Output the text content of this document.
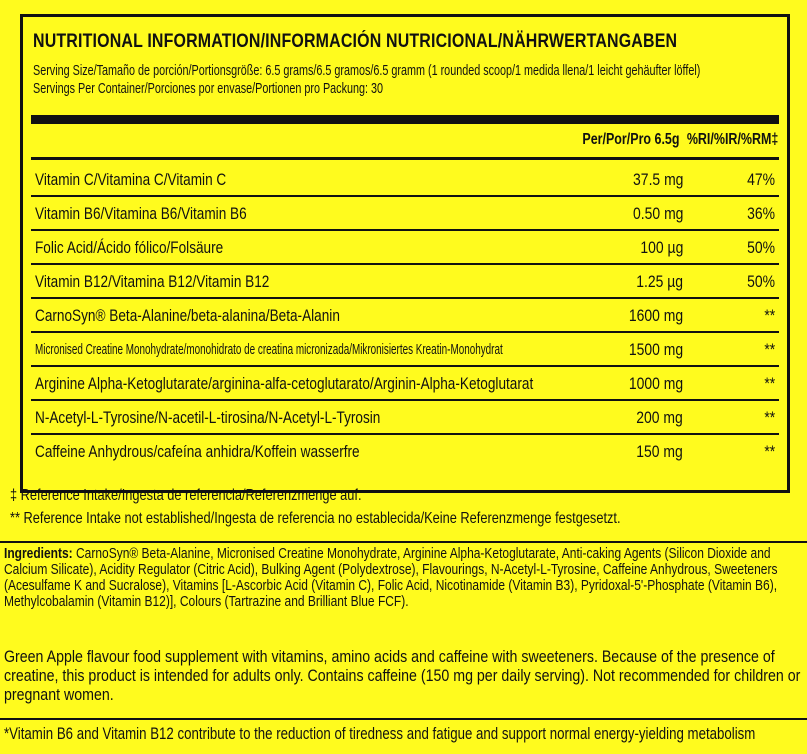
NUTRITIONAL INFORMATION/INFORMACIÓN NUTRICIONAL/NÄHRWERTANGABEN
Serving Size/Tamaño de porción/Portionsgröße: 6.5 grams/6.5 gramos/6.5 gramm (1 rounded scoop/1 medida llena/1 leicht gehäufter löffel)
Servings Per Container/Porciones por envase/Portionen pro Packung: 30
Per/Por/Pro 6.5g %RI/%IR/%RM‡
Vitamin C/Vitamina C/Vitamin C	37.5 mg	47%
Vitamin B6/Vitamina B6/Vitamin B6	0.50 mg	36%
Folic Acid/Ácido fólico/Folsäure	100 µg	50%
Vitamin B12/Vitamina B12/Vitamin B12	1.25 µg	50%
CarnoSyn® Beta-Alanine/beta-alanina/Beta-Alanin	1600 mg	**
Micronised Creatine Monohydrate/monohidrato de creatina micronizada/Mikronisiertes Kreatin-Monohydrat	1500 mg	**
Arginine Alpha-Ketoglutarate/arginina-alfa-cetoglutarato/Arginin-Alpha-Ketoglutarat	1000 mg	**
N-Acetyl-L-Tyrosine/N-acetil-L-tirosina/N-Acetyl-L-Tyrosin	200 mg	**
Caffeine Anhydrous/cafeína anhidra/Koffein wasserfre	150 mg	**
‡ Reference Intake/Ingesta de referencia/Referenzmenge auf.
** Reference Intake not established/Ingesta de referencia no establecida/Keine Referenzmenge festgesetzt.
Ingredients: CarnoSyn® Beta-Alanine, Micronised Creatine Monohydrate, Arginine Alpha-Ketoglutarate, Anti-caking Agents (Silicon Dioxide and Calcium Silicate), Acidity Regulator (Citric Acid), Bulking Agent (Polydextrose), Flavourings, N-Acetyl-L-Tyrosine, Caffeine Anhydrous, Sweeteners (Acesulfame K and Sucralose), Vitamins [L-Ascorbic Acid (Vitamin C), Folic Acid, Nicotinamide (Vitamin B3), Pyridoxal-5'-Phosphate (Vitamin B6), Methylcobalamin (Vitamin B12)], Colours (Tartrazine and Brilliant Blue FCF).
Green Apple flavour food supplement with vitamins, amino acids and caffeine with sweeteners. Because of the presence of creatine, this product is intended for adults only. Contains caffeine (150 mg per daily serving). Not recommended for children or pregnant women.
*Vitamin B6 and Vitamin B12 contribute to the reduction of tiredness and fatigue and support normal energy-yielding metabolism
